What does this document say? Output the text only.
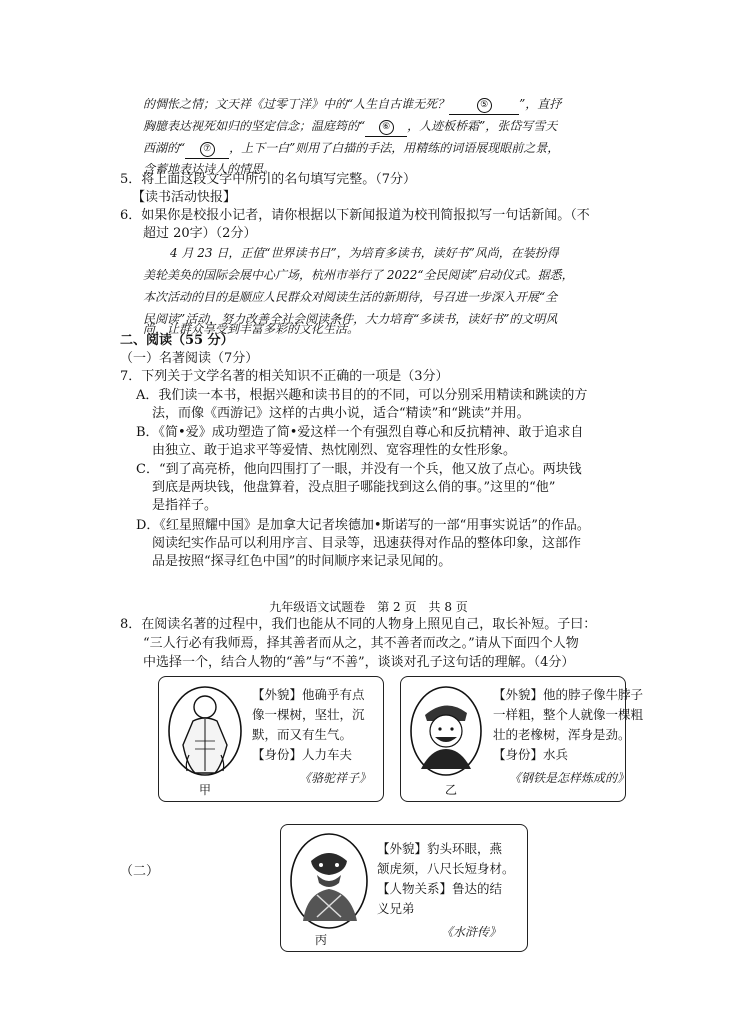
的惆怅之情；文天祥《过零丁洋》中的“人生自古谁无死？	⑤	”，直抒
胸臆表达视死如归的坚定信念；温庭筠的“ ⑥ ，人迹板桥霜”，张岱写雪天
西湖的“ ⑦ ，上下一白”则用了白描的手法，用精练的词语展现眼前之景，
含蓄地表达诗人的情思。
5．将上面这段文字中所引的名句填写完整。（7分）
【读书活动快报】
6．如果你是校报小记者，请你根据以下新闻报道为校刊简报拟写一句话新闻。（不
超过 20字）（2分）
4 月 23 日，正值“世界读书日”，为培育多读书，读好书”风尚，在装扮得
美轮美奂的国际会展中心广场，杭州市举行了 2022“全民阅读”启动仪式。据悉，
本次活动的目的是顺应人民群众对阅读生活的新期待，号召进一步深入开展“全
民阅读”活动，努力改善全社会阅读条件，大力培育“多读书，读好书”的文明风
尚，让群众享受到丰富多彩的文化生活。
二、阅读（55 分）
（一）名著阅读（7分）
7．下列关于文学名著的相关知识不正确的一项是（3分）
A．我们读一本书，根据兴趣和读书目的的不同，可以分别采用精读和跳读的方
法，而像《西游记》这样的古典小说，适合“精读”和“跳读”并用。
B．《简•爱》成功塑造了简•爱这样一个有强烈自尊心和反抗精神、敢于追求自
由独立、敢于追求平等爱情、热忱刚烈、宽容理性的女性形象。
C．“到了高亮桥，他向四围打了一眼，并没有一个兵，他又放了点心。两块钱
到底是两块钱，他盘算着，没点胆子哪能找到这么俏的事。”这里的“他”
是指祥子。
D．《红星照耀中国》是加拿大记者埃德加•斯诺写的一部“用事实说话”的作品。
阅读纪实作品可以利用序言、目录等，迅速获得对作品的整体印象，这部作
品是按照“探寻红色中国”的时间顺序来记录见闻的。
九年级语文试题卷　第 2 页　共 8 页
8．在阅读名著的过程中，我们也能从不同的人物身上照见自己，取长补短。子曰：
“三人行必有我师焉，择其善者而从之，其不善者而改之。”请从下面四个人物
中选择一个，结合人物的“善”与“不善”，谈谈对孔子这句话的理解。（4分）
甲
【外貌】他确乎有点
像一棵树，坚壮，沉
默，而又有生气。
【身份】人力车夫
《骆驼祥子》
乙
【外貌】他的脖子像牛脖子
一样粗，整个人就像一棵粗
壮的老橡树，浑身是劲。
【身份】水兵
《钢铁是怎样炼成的》
（二）
丙
【外貌】豹头环眼，燕
颔虎须，八尺长短身材。
【人物关系】鲁达的结
义兄弟
《水浒传》
